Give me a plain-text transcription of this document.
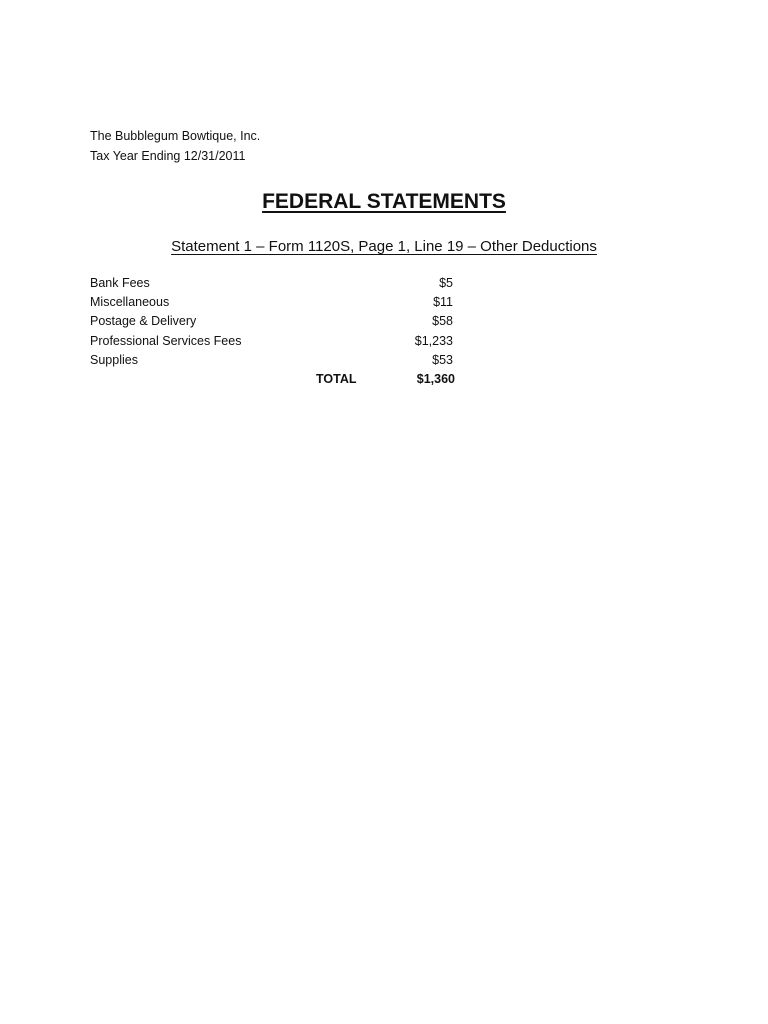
The Bubblegum Bowtique, Inc.
Tax Year Ending 12/31/2011
FEDERAL STATEMENTS
Statement 1 – Form 1120S, Page 1, Line 19 – Other Deductions
Bank Fees	$5
Miscellaneous	$11
Postage & Delivery	$58
Professional Services Fees	$1,233
Supplies	$53
TOTAL	$1,360
